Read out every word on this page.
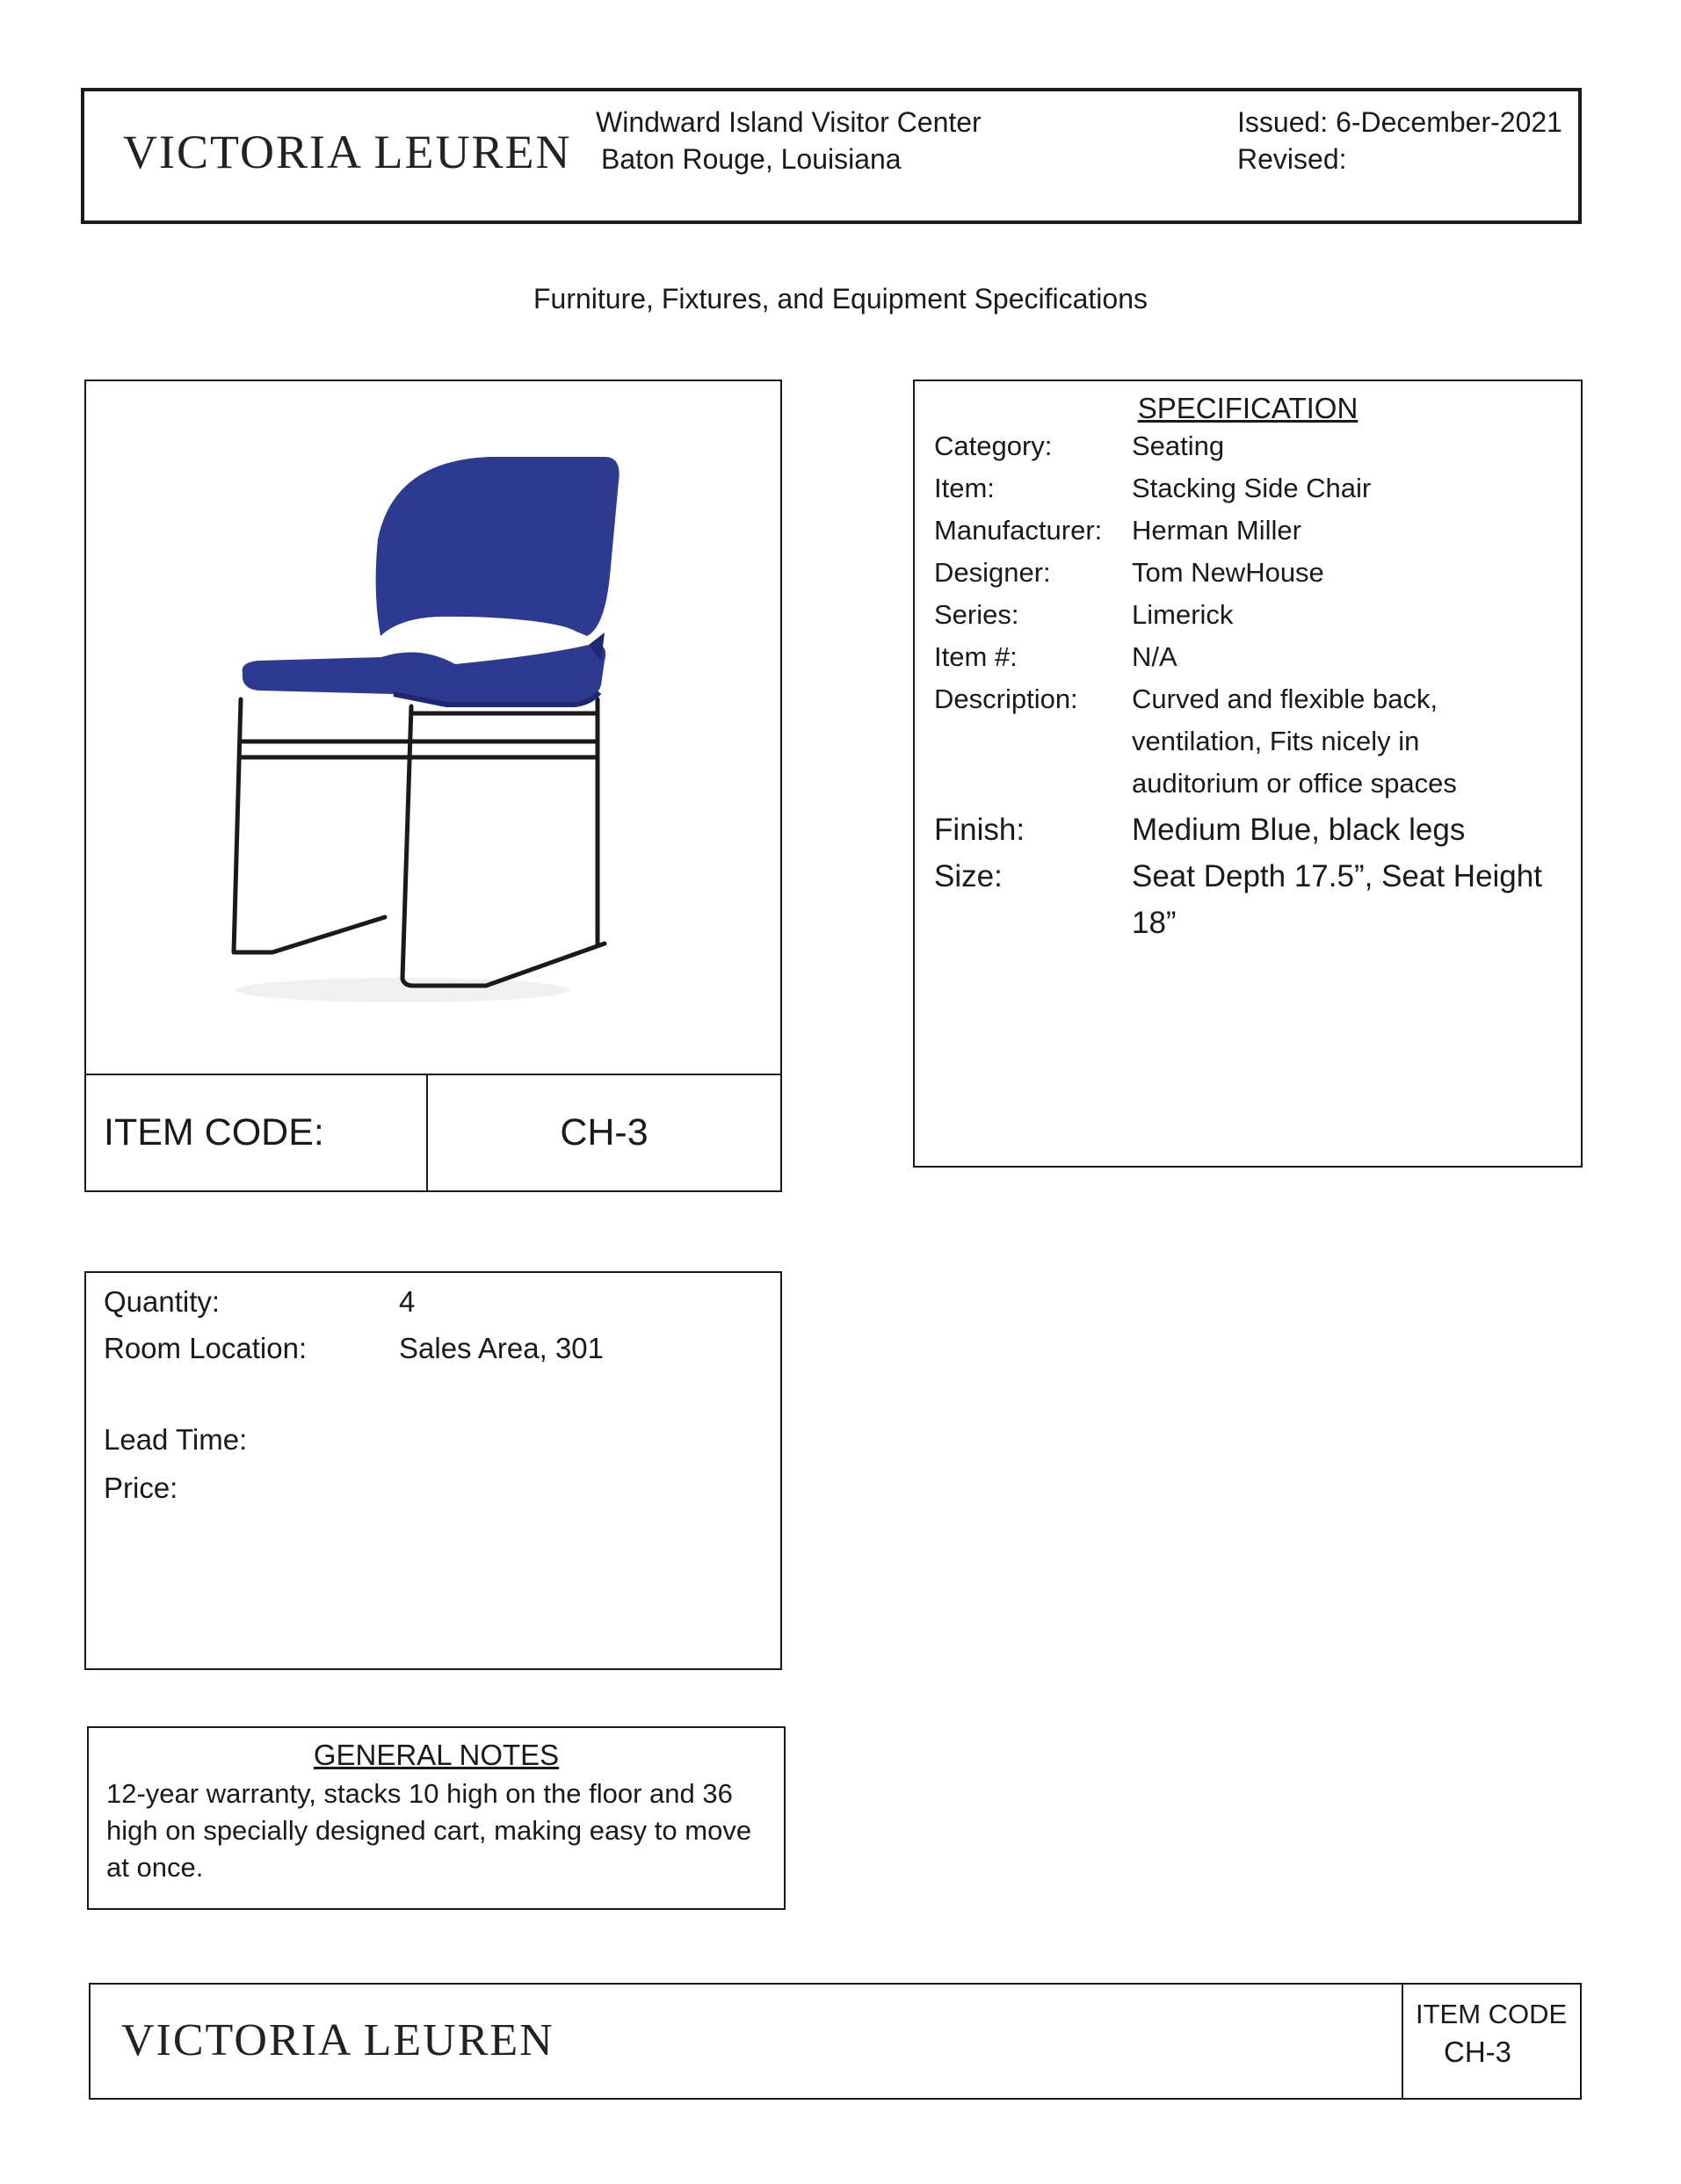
VICTORIA LEUREN
Windward Island Visitor Center
Baton Rouge, Louisiana
Issued: 6-December-2021
Revised:
Furniture, Fixtures, and Equipment Specifications
ITEM CODE:	CH-3
SPECIFICATION
Category:	Seating
Item:	Stacking Side Chair
Manufacturer: Herman Miller
Designer:	Tom NewHouse
Series:	Limerick
Item #:	N/A
Description: Curved and flexible back, ventilation, Fits nicely in auditorium or office spaces
Finish:	Medium Blue, black legs
Size:	Seat Depth 17.5”, Seat Height 18”
Quantity:	4
Room Location:	Sales Area, 301
Lead Time:
Price:
GENERAL NOTES
12-year warranty, stacks 10 high on the floor and 36 high on specially designed cart, making easy to move at once.
VICTORIA LEUREN
ITEM CODE
CH-3
